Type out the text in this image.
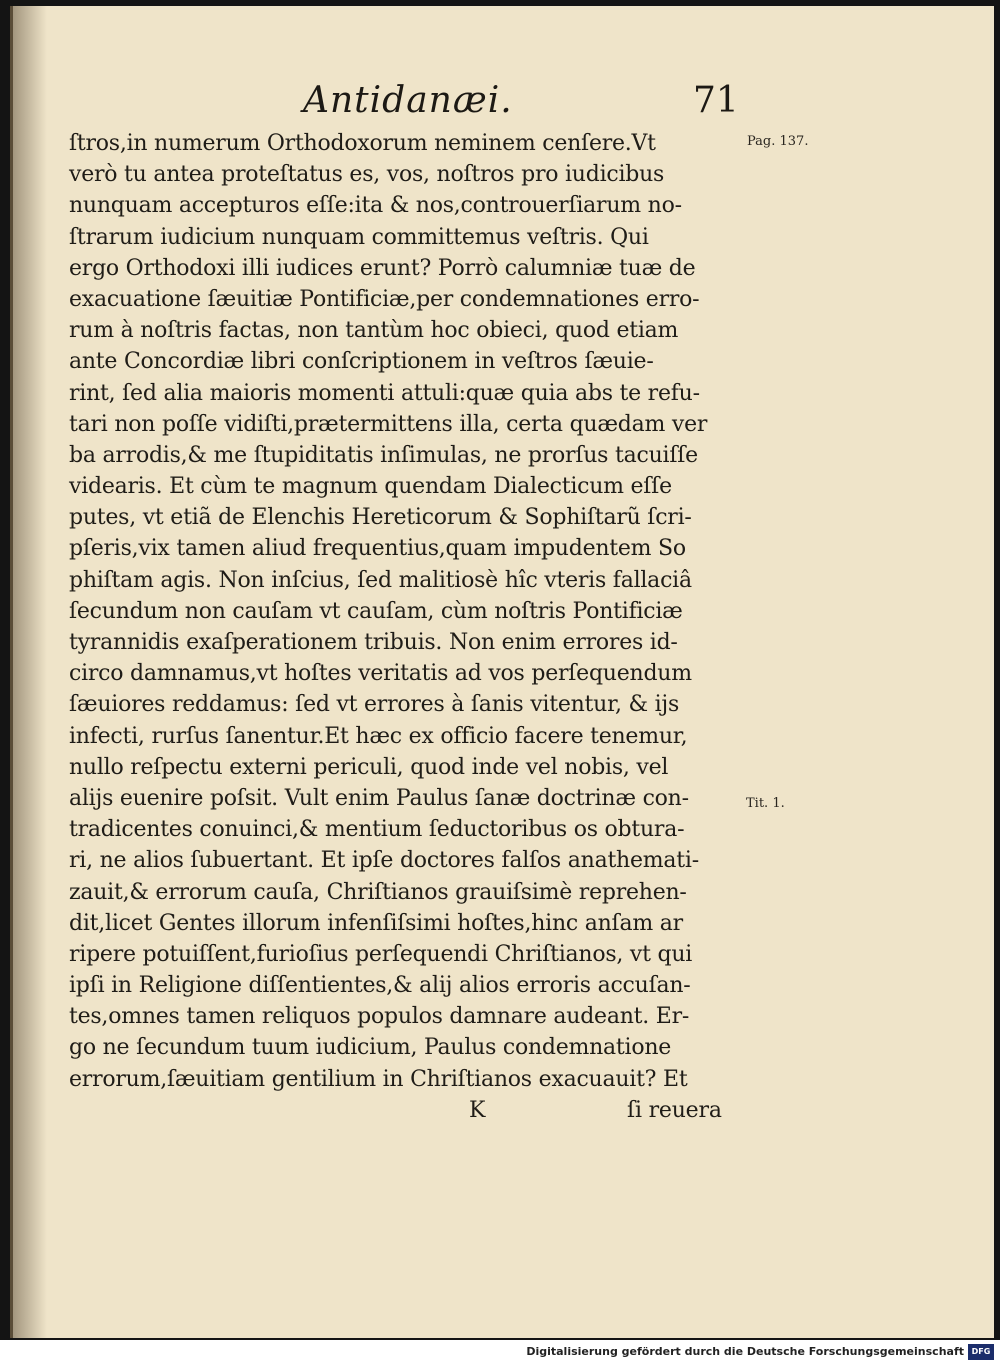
Antidanæi.	71
ſtros,in numerum Orthodoxorum neminem cenſere.Vt
verò tu antea proteſtatus es, vos, noſtros pro iudicibus
nunquam accepturos eſſe:ita & nos,controuerſiarum no-
ſtrarum iudicium nunquam committemus veſtris. Qui
ergo Orthodoxi illi iudices erunt? Porrò calumniæ tuæ de
exacuatione ſæuitiæ Pontificiæ,per condemnationes erro-
rum à noſtris factas, non tantùm hoc obieci, quod etiam
ante Concordiæ libri conſcriptionem in veſtros ſæuie-
rint, ſed alia maioris momenti attuli:quæ quia abs te refu-
tari non poſſe vidiſti,prætermittens illa, certa quædam ver
ba arrodis,& me ſtupiditatis inſimulas, ne prorſus tacuiſſe
videaris. Et cùm te magnum quendam Dialecticum eſſe
putes, vt etiã de Elenchis Hereticorum & Sophiſtarũ ſcri-
pſeris,vix tamen aliud frequentius,quam impudentem So
phiſtam agis. Non inſcius, ſed malitiosè hîc vteris fallaciâ
ſecundum non cauſam vt cauſam, cùm noſtris Pontificiæ
tyrannidis exaſperationem tribuis. Non enim errores id-
circo damnamus,vt hoſtes veritatis ad vos perſequendum
ſæuiores reddamus: ſed vt errores à ſanis vitentur, & ijs
infecti, rurſus ſanentur.Et hæc ex officio facere tenemur,
nullo reſpectu externi periculi, quod inde vel nobis, vel
alijs euenire poſsit. Vult enim Paulus ſanæ doctrinæ con-
tradicentes conuinci,& mentium ſeductoribus os obtura-
ri, ne alios ſubuertant. Et ipſe doctores falſos anathemati-
zauit,& errorum cauſa, Chriſtianos grauiſsimè reprehen-
dit,licet Gentes illorum infenſiſsimi hoſtes,hinc anſam ar
ripere potuiſſent,furioſius perſequendi Chriſtianos, vt qui
ipſi in Religione diſſentientes,& alij alios erroris accuſan-
tes,omnes tamen reliquos populos damnare audeant. Er-
go ne ſecundum tuum iudicium, Paulus condemnatione
errorum,ſæuitiam gentilium in Chriſtianos exacuauit? Et
K	ſi reuera
Pag. 137.
Tit. 1.
Digitalisierung gefördert durch die Deutsche Forschungsgemeinschaft DFG
